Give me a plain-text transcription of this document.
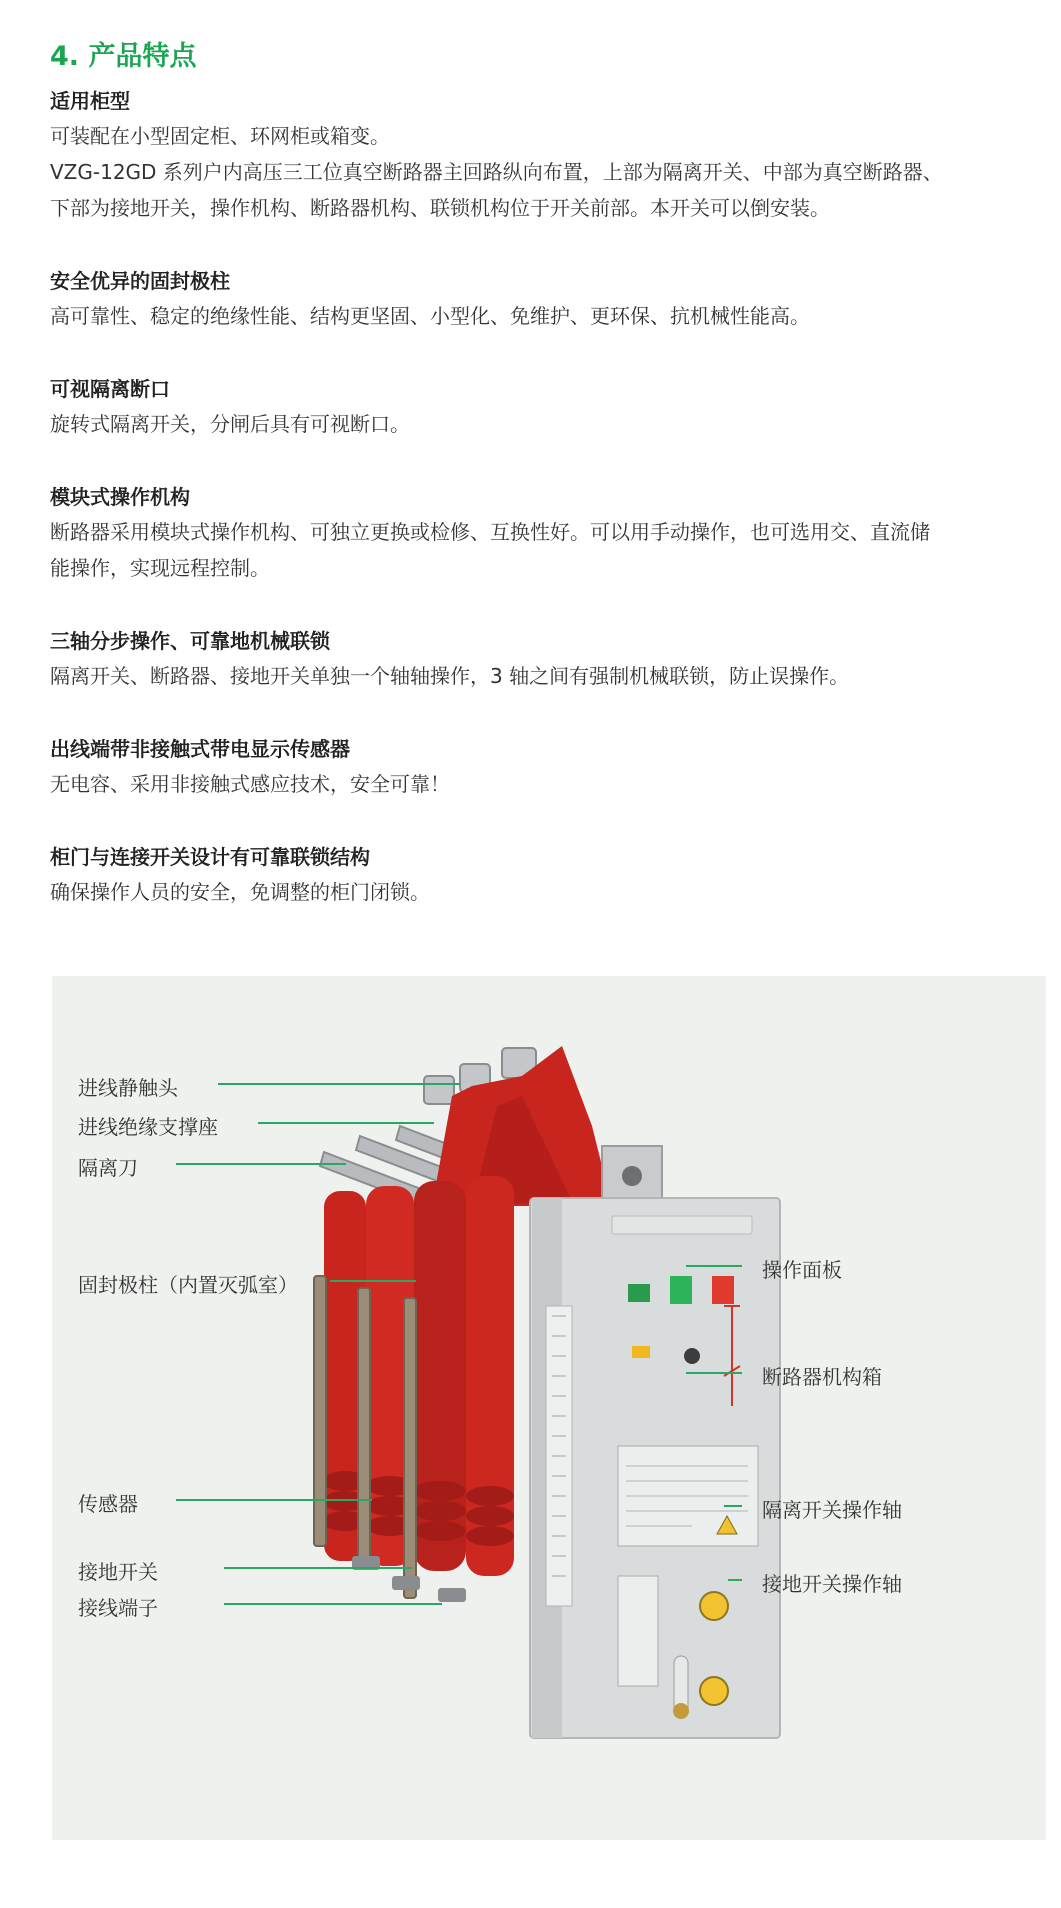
4. 产品特点
适用柜型

可装配在小型固定柜、环网柜或箱变。

VZG-12GD 系列户内高压三工位真空断路器主回路纵向布置，上部为隔离开关、中部为真空断路器、

下部为接地开关，操作机构、断路器机构、联锁机构位于开关前部。本开关可以倒安装。

安全优异的固封极柱

高可靠性、稳定的绝缘性能、结构更坚固、小型化、免维护、更环保、抗机械性能高。

可视隔离断口

旋转式隔离开关，分闸后具有可视断口。

模块式操作机构

断路器采用模块式操作机构、可独立更换或检修、互换性好。可以用手动操作，也可选用交、直流储

能操作，实现远程控制。

三轴分步操作、可靠地机械联锁

隔离开关、断路器、接地开关单独一个轴轴操作，3 轴之间有强制机械联锁，防止误操作。

出线端带非接触式带电显示传感器

无电容、采用非接触式感应技术，安全可靠！

柜门与连接开关设计有可靠联锁结构

确保操作人员的安全，免调整的柜门闭锁。

进线静触头
进线绝缘支撑座
隔离刀
固封极柱（内置灭弧室）
传感器
接地开关
接线端子
操作面板
断路器机构箱
隔离开关操作轴
接地开关操作轴
